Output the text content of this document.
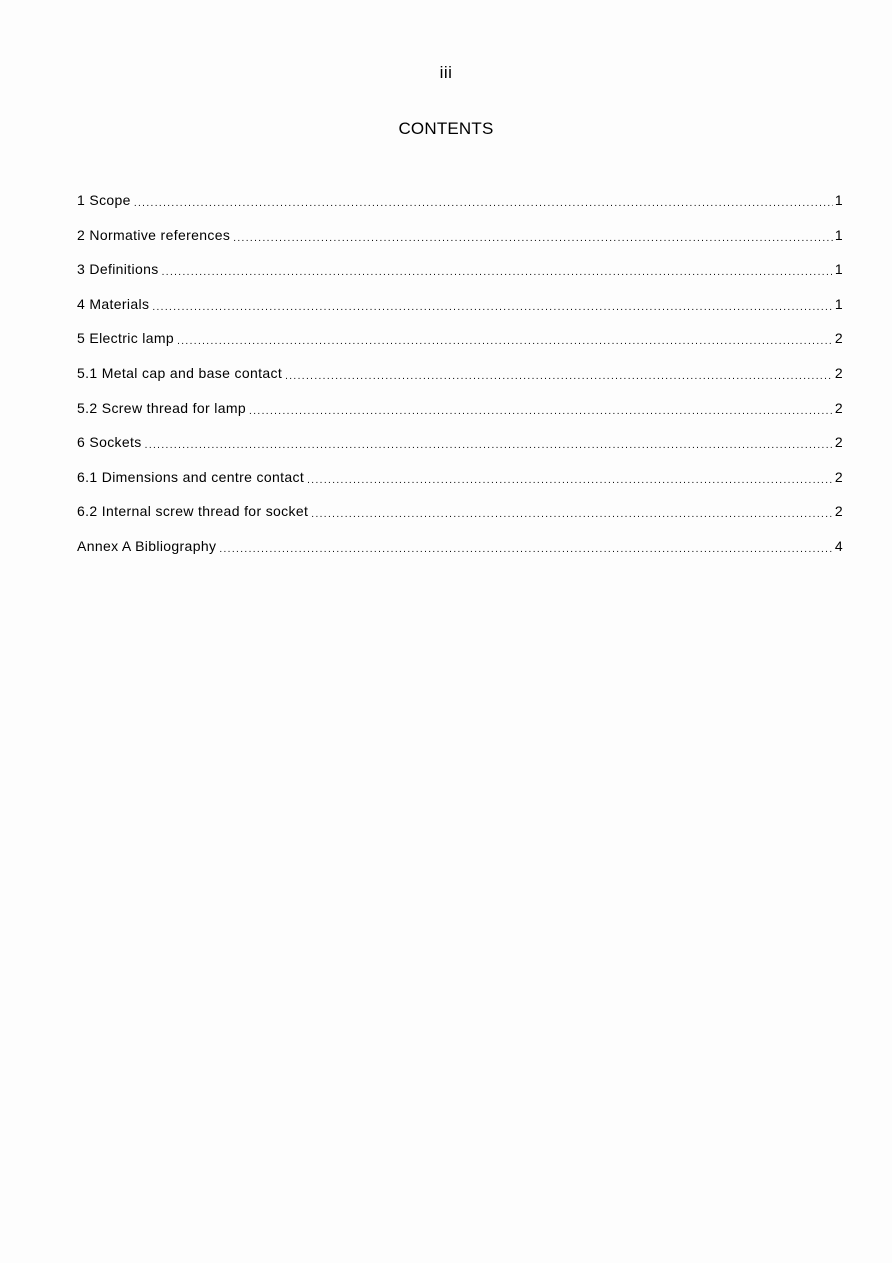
iii
CONTENTS
1 Scope .....	1
2 Normative references .....	1
3 Definitions .....	1
4 Materials .....	1
5 Electric lamp .....	2
5.1 Metal cap and base contact .....	2
5.2 Screw thread for lamp .....	2
6 Sockets .....	2
6.1 Dimensions and centre contact .....	2
6.2 Internal screw thread for socket .....	2
Annex A Bibliography .....	4
